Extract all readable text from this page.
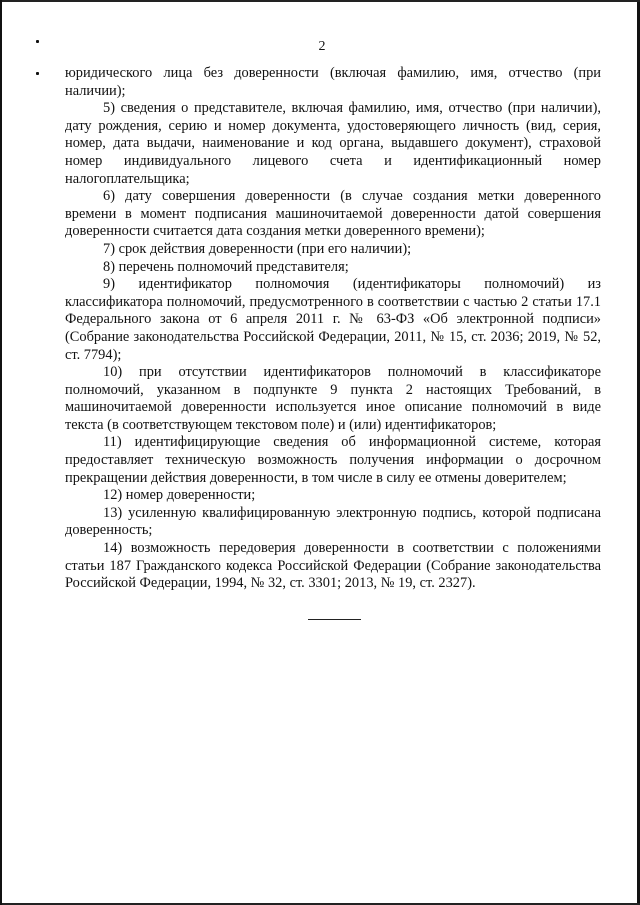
2

юридического лица без доверенности (включая фамилию, имя, отчество (при наличии);

5) сведения о представителе, включая фамилию, имя, отчество (при наличии), дату рождения, серию и номер документа, удостоверяющего личность (вид, серия, номер, дата выдачи, наименование и код органа, выдавшего документ), страховой номер индивидуального лицевого счета и идентификационный номер налогоплательщика;

6) дату совершения доверенности (в случае создания метки доверенного времени в момент подписания машиночитаемой доверенности датой совершения доверенности считается дата создания метки доверенного времени);

7) срок действия доверенности (при его наличии);

8) перечень полномочий представителя;

9) идентификатор полномочия (идентификаторы полномочий) из классификатора полномочий, предусмотренного в соответствии с частью 2 статьи 17.1 Федерального закона от 6 апреля 2011 г. № 63-ФЗ «Об электронной подписи» (Собрание законодательства Российской Федерации, 2011, № 15, ст. 2036; 2019, № 52, ст. 7794);

10) при отсутствии идентификаторов полномочий в классификаторе полномочий, указанном в подпункте 9 пункта 2 настоящих Требований, в машиночитаемой доверенности используется иное описание полномочий в виде текста (в соответствующем текстовом поле) и (или) идентификаторов;

11) идентифицирующие сведения об информационной системе, которая предоставляет техническую возможность получения информации о досрочном прекращении действия доверенности, в том числе в силу ее отмены доверителем;

12) номер доверенности;

13) усиленную квалифицированную электронную подпись, которой подписана доверенность;

14) возможность передоверия доверенности в соответствии с положениями статьи 187 Гражданского кодекса Российской Федерации (Собрание законодательства Российской Федерации, 1994, № 32, ст. 3301; 2013, № 19, ст. 2327).
